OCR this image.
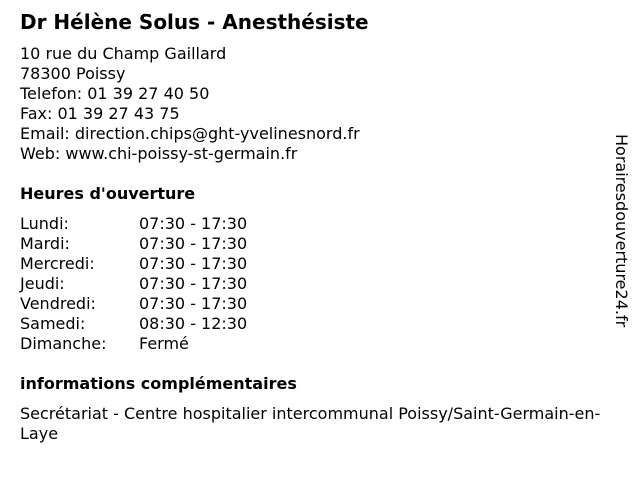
Dr Hélène Solus - Anesthésiste
10 rue du Champ Gaillard
78300 Poissy
Telefon: 01 39 27 40 50
Fax: 01 39 27 43 75
Email: direction.chips@ght-yvelinesnord.fr
Web: www.chi-poissy-st-germain.fr
Heures d'ouverture
Lundi:	07:30 - 17:30
Mardi:	07:30 - 17:30
Mercredi:	07:30 - 17:30
Jeudi:	07:30 - 17:30
Vendredi:	07:30 - 17:30
Samedi:	08:30 - 12:30
Dimanche: Fermé
informations complémentaires
Secrétariat - Centre hospitalier intercommunal Poissy/Saint-Germain-en-Laye
Horairesdouverture24.fr
